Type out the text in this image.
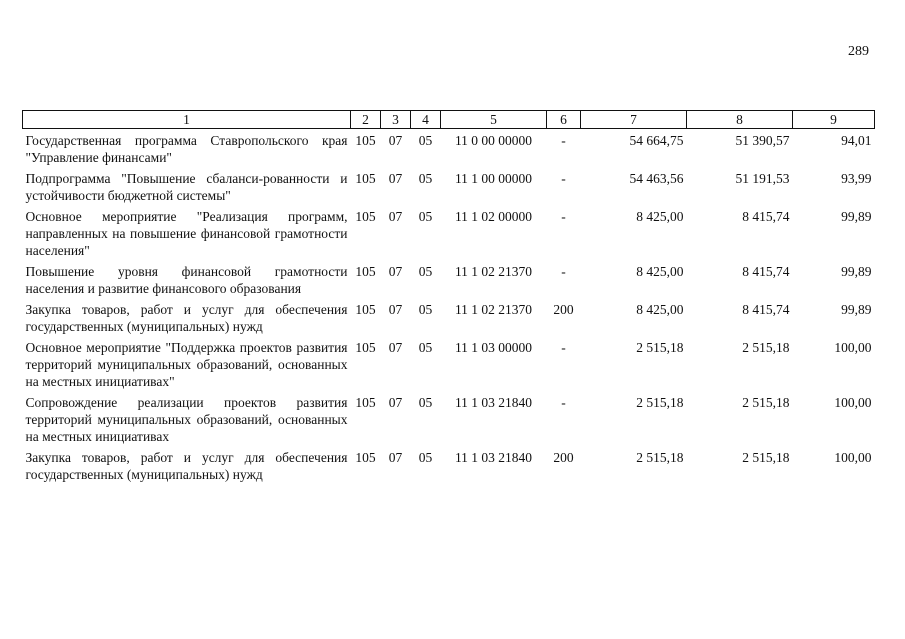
289
1	2	3	4	5	6	7	8	9
Государственная программа Ставропольского края "Управление финансами"	105	07	05	11 0 00 00000	-	54 664,75	51 390,57	94,01
Подпрограмма "Повышение сбаланси-рованности и устойчивости бюджетной системы"	105	07	05	11 1 00 00000	-	54 463,56	51 191,53	93,99
Основное мероприятие "Реализация программ, направленных на повышение финансовой грамотности населения"	105	07	05	11 1 02 00000	-	8 425,00	8 415,74	99,89
Повышение уровня финансовой грамотности населения и развитие финансового образования	105	07	05	11 1 02 21370	-	8 425,00	8 415,74	99,89
Закупка товаров, работ и услуг для обеспечения государственных (муниципальных) нужд	105	07	05	11 1 02 21370	200	8 425,00	8 415,74	99,89
Основное мероприятие "Поддержка проектов развития территорий муниципальных образований, основанных на местных инициативах"	105	07	05	11 1 03 00000	-	2 515,18	2 515,18	100,00
Сопровождение реализации проектов развития территорий муниципальных образований, основанных на местных инициативах	105	07	05	11 1 03 21840	-	2 515,18	2 515,18	100,00
Закупка товаров, работ и услуг для обеспечения государственных (муниципальных) нужд	105	07	05	11 1 03 21840	200	2 515,18	2 515,18	100,00
